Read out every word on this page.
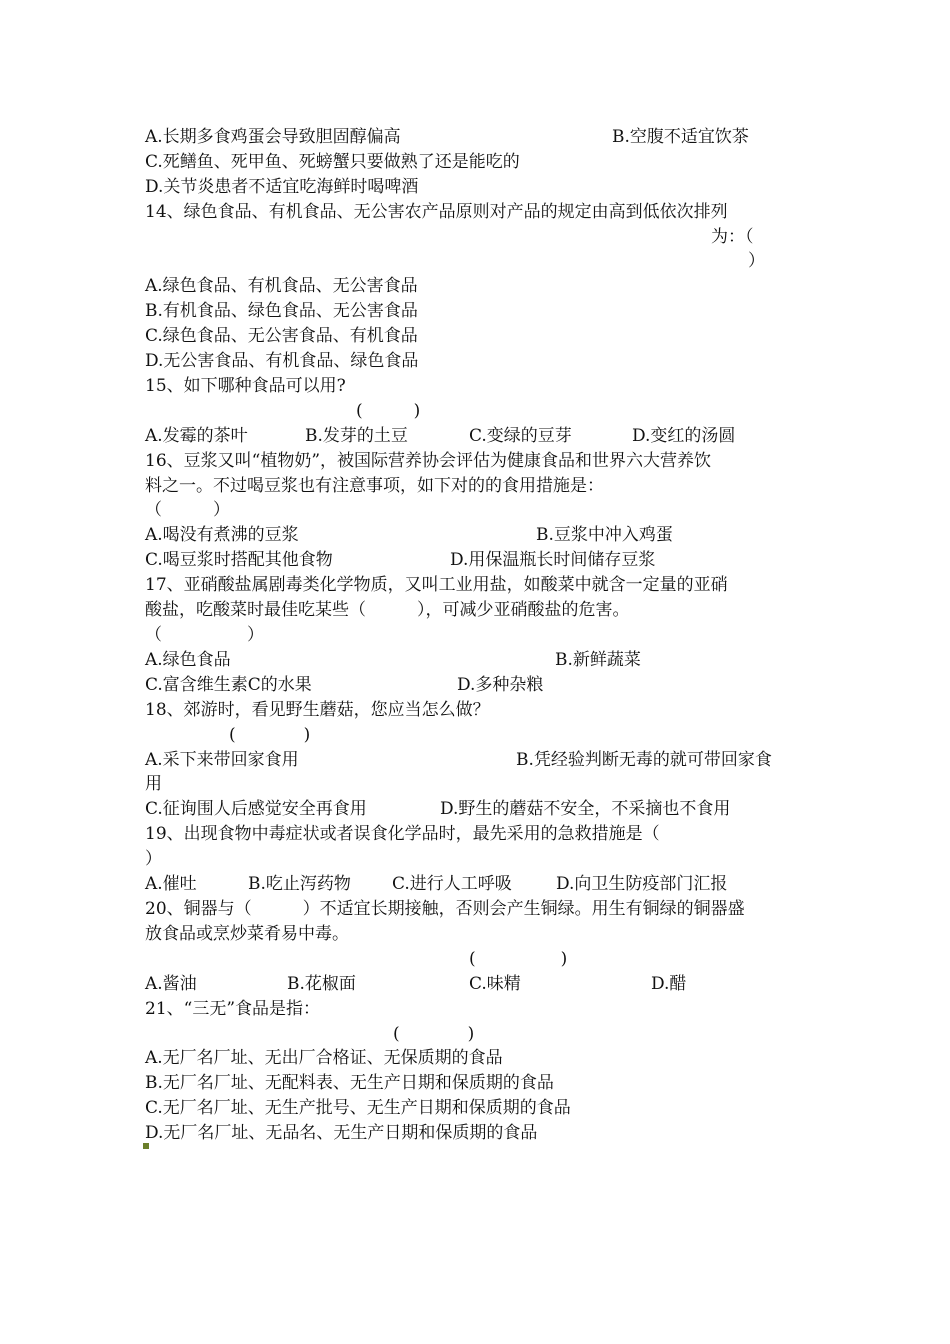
A.长期多食鸡蛋会导致胆固醇偏高	B.空腹不适宜饮茶
C.死鳝鱼、死甲鱼、死螃蟹只要做熟了还是能吃的
D.关节炎患者不适宜吃海鲜时喝啤酒
14、绿色食品、有机食品、无公害农产品原则对产品的规定由高到低依次排列
为：（
）
A.绿色食品、有机食品、无公害食品
B.有机食品、绿色食品、无公害食品
C.绿色食品、无公害食品、有机食品
D.无公害食品、有机食品、绿色食品
15、如下哪种食品可以用?
(　　　)
A.发霉的茶叶	B.发芽的土豆	C.变绿的豆芽	D.变红的汤圆
16、豆浆又叫“植物奶”，被国际营养协会评估为健康食品和世界六大营养饮
料之一。不过喝豆浆也有注意事项，如下对的的食用措施是：
（　　　）
A.喝没有煮沸的豆浆	B.豆浆中冲入鸡蛋
C.喝豆浆时搭配其他食物	D.用保温瓶长时间储存豆浆
17、亚硝酸盐属剧毒类化学物质，又叫工业用盐，如酸菜中就含一定量的亚硝
酸盐，吃酸菜时最佳吃某些（　　　），可减少亚硝酸盐的危害。
（　　　　　）
A.绿色食品	B.新鲜蔬菜
C.富含维生素C的水果	D.多种杂粮
18、郊游时，看见野生蘑菇，您应当怎么做？
(　　　　)
A.采下来带回家食用	B.凭经验判断无毒的就可带回家食
用
C.征询围人后感觉安全再食用	D.野生的蘑菇不安全，不采摘也不食用
19、出现食物中毒症状或者误食化学品时，最先采用的急救措施是（
）
A.催吐	B.吃止泻药物 C.进行人工呼吸	D.向卫生防疫部门汇报
20、铜器与（　　　）不适宜长期接触，否则会产生铜绿。用生有铜绿的铜器盛
放食品或烹炒菜肴易中毒。
(　　　　　)
A.酱油	B.花椒面	C.味精	D.醋
21、“三无”食品是指：
(　　　　)
A.无厂名厂址、无出厂合格证、无保质期的食品
B.无厂名厂址、无配料表、无生产日期和保质期的食品
C.无厂名厂址、无生产批号、无生产日期和保质期的食品
D.无厂名厂址、无品名、无生产日期和保质期的食品
